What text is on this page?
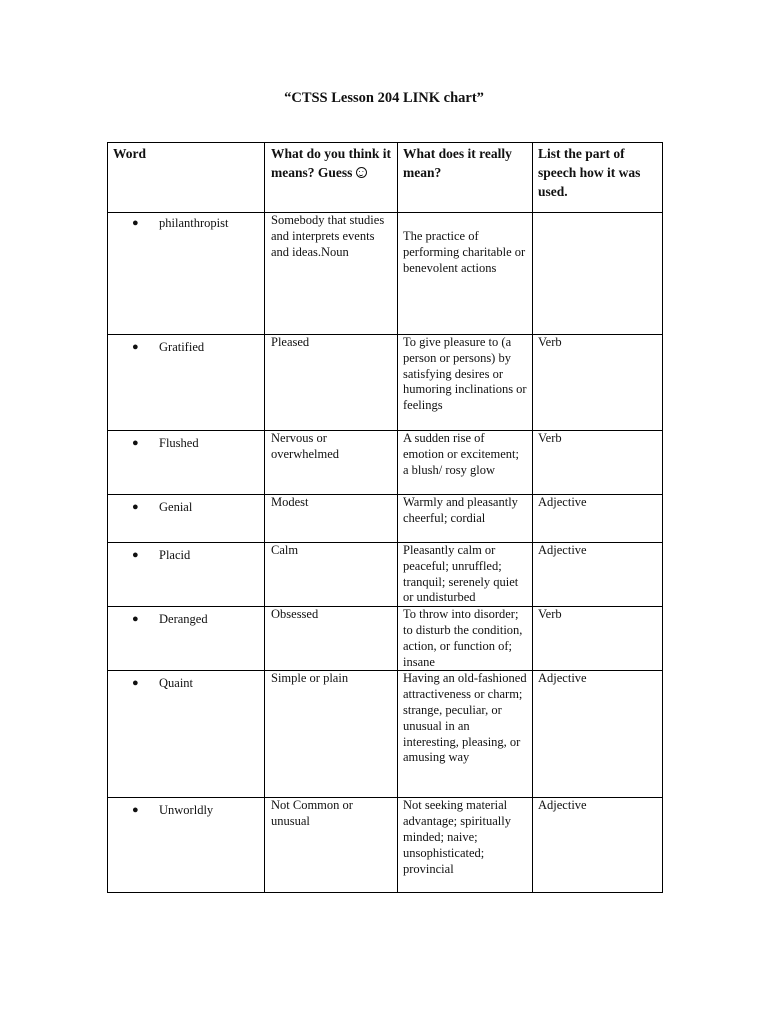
“CTSS Lesson 204 LINK chart”
Word	What do you think it means? Guess	What does it really mean?	List the part of speech how it was used.

● philanthropist	Somebody that studies and interprets events and ideas.Noun	The practice of performing charitable or benevolent actions	

● Gratified	Pleased	To give pleasure to (a person or persons) by satisfying desires or humoring inclinations or feelings	Verb

● Flushed	Nervous or overwhelmed	A sudden rise of emotion or excitement; a blush/ rosy glow	Verb

● Genial	Modest	Warmly and pleasantly cheerful; cordial	Adjective

● Placid	Calm	Pleasantly calm or peaceful; unruffled; tranquil; serenely quiet or undisturbed	Adjective

● Deranged	Obsessed	To throw into disorder; to disturb the condition, action, or function of; insane	Verb

● Quaint	Simple or plain	Having an old-fashioned attractiveness or charm; strange, peculiar, or unusual in an interesting, pleasing, or amusing way	Adjective

● Unworldly	Not Common or unusual	Not seeking material advantage; spiritually minded; naive; unsophisticated; provincial	Adjective
